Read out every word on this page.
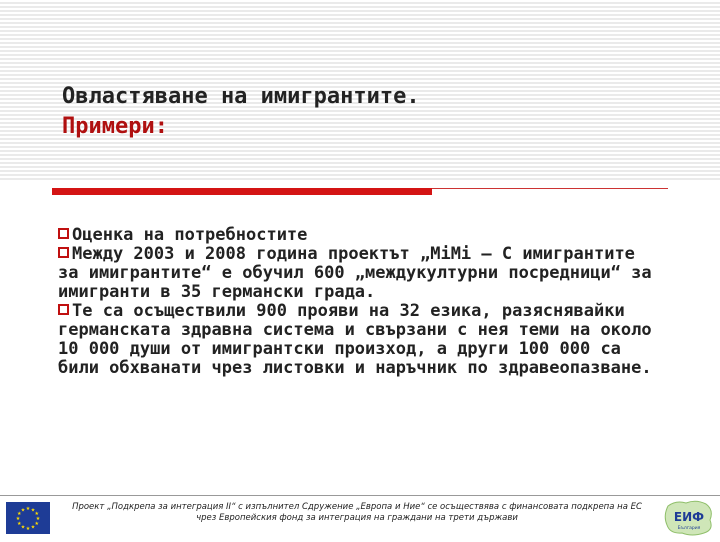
Овластяване на имигрантите.
Примери:

Оценка на потребностите

Между 2003 и 2008 година проектът „MiMi — С имигрантите за имигрантите“ е обучил 600 „междукултурни посредници“ за имигранти в 35 германски града.

Те са осъществили 900 прояви на 32 езика, разяснявайки германската здравна система и свързани с нея теми на около 10 000 души от имигрантски произход, а други 100 000 са били обхванати чрез листовки и наръчник по здравеопазване.

★ ★
★
★
★
★
★
★
★
★
★
★	Проект „Подкрепа за интеграция II“ с изпълнител Сдружение „Европа и Ние“ се осъществява с финансовата подкрепа на ЕС чрез Европейския фонд за интеграция на граждани на трети държави	ЕИФ
България
